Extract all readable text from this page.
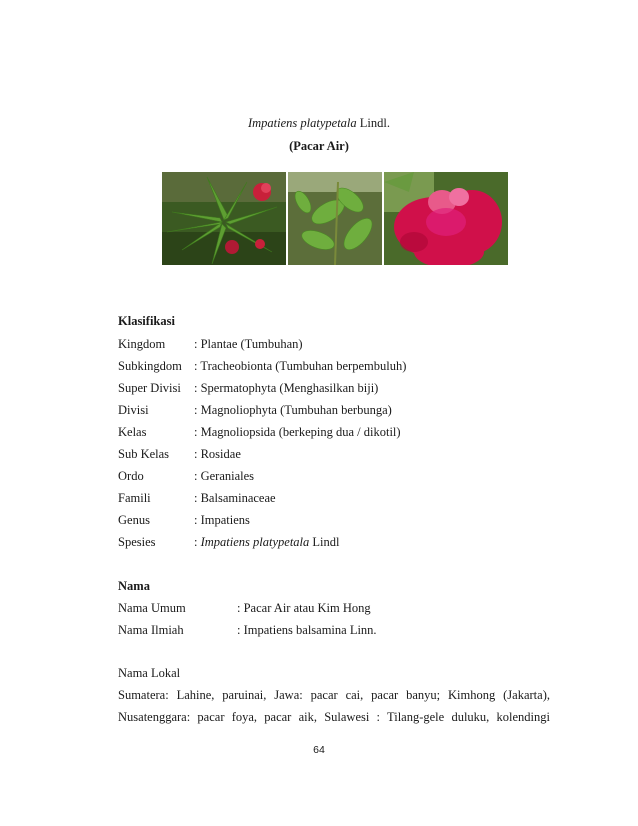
Impatiens platypetala Lindl.
(Pacar Air)
Klasifikasi
Kingdom : Plantae (Tumbuhan)
Subkingdom : Tracheobionta (Tumbuhan berpembuluh)
Super Divisi : Spermatophyta (Menghasilkan biji)
Divisi	: Magnoliophyta (Tumbuhan berbunga)
Kelas	: Magnoliopsida (berkeping dua / dikotil)
Sub Kelas : Rosidae
Ordo	: Geraniales
Famili	: Balsaminaceae
Genus	: Impatiens
Spesies	: Impatiens platypetala Lindl
Nama
Nama Umum	: Pacar Air atau Kim Hong
Nama Ilmiah	: Impatiens balsamina Linn.
Nama Lokal
Sumatera: Lahine, paruinai, Jawa: pacar cai, pacar banyu; Kimhong (Jakarta),
Nusatenggara: pacar foya, pacar aik, Sulawesi : Tilang-gele duluku, kolendingi
64
